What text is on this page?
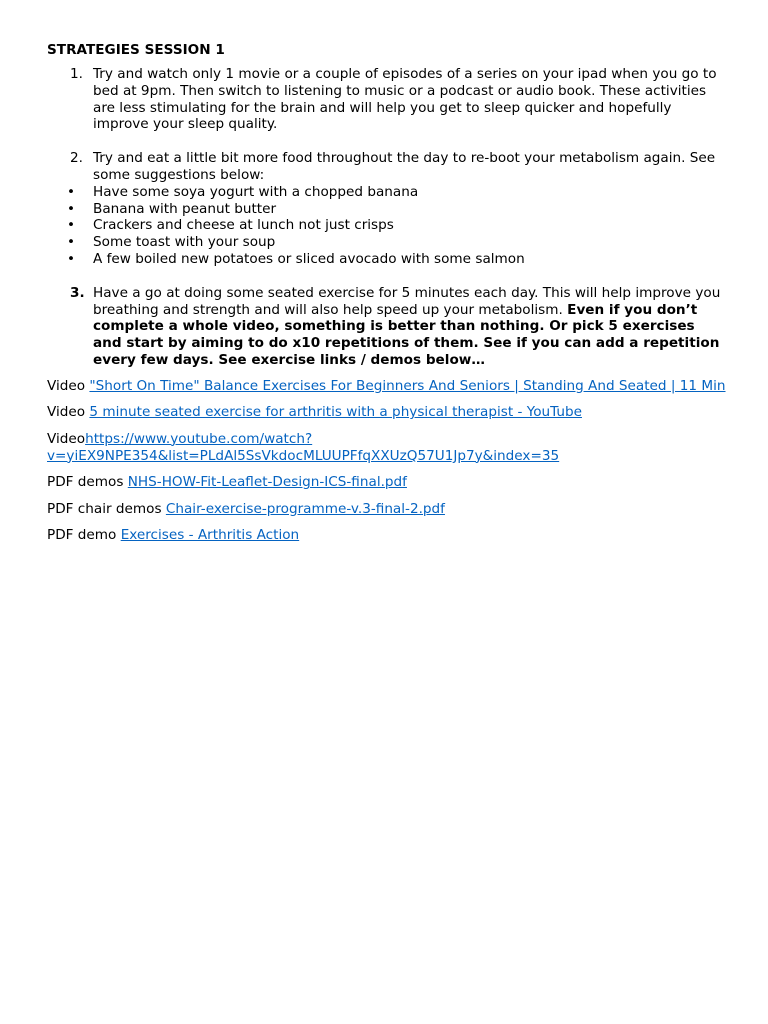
STRATEGIES SESSION 1
1. Try and watch only 1 movie or a couple of episodes of a series on your ipad when you go to bed at 9pm. Then switch to listening to music or a podcast or audio book. These activities are less stimulating for the brain and will help you get to sleep quicker and hopefully improve your sleep quality.
2. Try and eat a little bit more food throughout the day to re-boot your metabolism again. See some suggestions below:
• Have some soya yogurt with a chopped banana
• Banana with peanut butter
• Crackers and cheese at lunch not just crisps
• Some toast with your soup
• A few boiled new potatoes or sliced avocado with some salmon
3. Have a go at doing some seated exercise for 5 minutes each day. This will help improve you breathing and strength and will also help speed up your metabolism. Even if you don’t complete a whole video, something is better than nothing. Or pick 5 exercises and start by aiming to do x10 repetitions of them. See if you can add a repetition every few days. See exercise links / demos below…
Video "Short On Time" Balance Exercises For Beginners And Seniors | Standing And Seated | 11 Min
Video 5 minute seated exercise for arthritis with a physical therapist - YouTube
Videohttps://www.youtube.com/watch?v=yiEX9NPE354&list=PLdAl5SsVkdocMLUUPFfqXXUzQ57U1Jp7y&index=35
PDF demos NHS-HOW-Fit-Leaflet-Design-ICS-final.pdf
PDF chair demos Chair-exercise-programme-v.3-final-2.pdf
PDF demo Exercises - Arthritis Action
